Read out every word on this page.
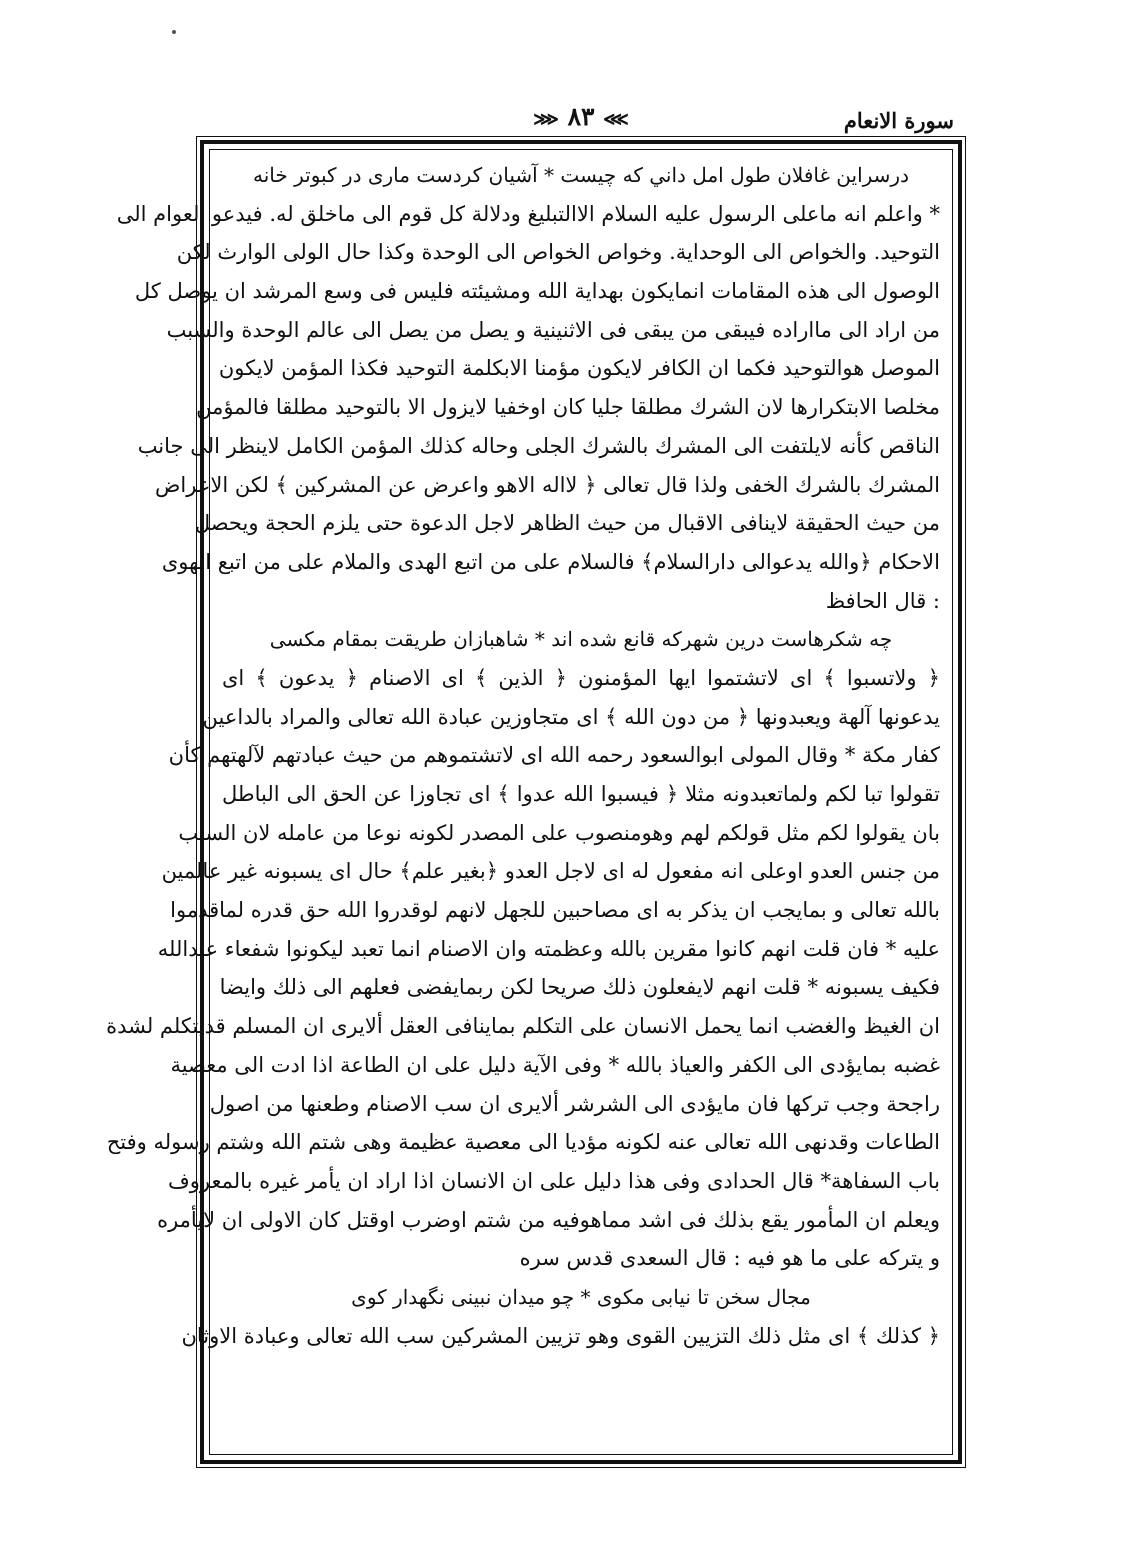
سورة الانعام
⋙ ٨٣ ⋘
درسراين غافلان طول امل داني كه چيست * آشيان كردست مارى در كبوتر خانه
* واعلم انه ماعلى الرسول عليه السلام الاالتبليغ ودلالة كل قوم الى ماخلق له. فيدعو العوام الى
التوحيد. والخواص الى الوحداية. وخواص الخواص الى الوحدة وكذا حال الولى الوارث لكن
الوصول الى هذه المقامات انمايكون بهداية الله ومشيئته فليس فى وسع المرشد ان يوصل كل
من اراد الى مااراده فيبقى من يبقى فى الاثنينية و يصل من يصل الى عالم الوحدة والسبب
الموصل هوالتوحيد فكما ان الكافر لايكون مؤمنا الابكلمة التوحيد فكذا المؤمن لايكون
مخلصا الابتكرارها لان الشرك مطلقا جليا كان اوخفيا لايزول الا بالتوحيد مطلقا فالمؤمن
الناقص كأنه لايلتفت الى المشرك بالشرك الجلى وحاله كذلك المؤمن الكامل لاينظر الى جانب
المشرك بالشرك الخفى ولذا قال تعالى ﴿ لااله الاهو واعرض عن المشركين ﴾ لكن الاعراض
من حيث الحقيقة لاينافى الاقبال من حيث الظاهر لاجل الدعوة حتى يلزم الحجة ويحصل
الاحكام ﴿والله يدعوالى دارالسلام﴾ فالسلام على من اتبع الهدى والملام على من اتبع الهوى
: قال الحافظ
چه شكرهاست درين شهركه قانع شده اند * شاهبازان طريقت بمقام مكسى
﴿ ولاتسبوا ﴾ اى لاتشتموا ايها المؤمنون ﴿ الذين ﴾ اى الاصنام ﴿ يدعون ﴾ اى
يدعونها آلهة ويعبدونها ﴿ من دون الله ﴾ اى متجاوزين عبادة الله تعالى والمراد بالداعين
كفار مكة * وقال المولى ابوالسعود رحمه الله اى لاتشتموهم من حيث عبادتهم لآلهتهم كأن
تقولوا تبا لكم ولماتعبدونه مثلا ﴿ فيسبوا الله عدوا ﴾ اى تجاوزا عن الحق الى الباطل
بان يقولوا لكم مثل قولكم لهم وهومنصوب على المصدر لكونه نوعا من عامله لان السبب
من جنس العدو اوعلى انه مفعول له اى لاجل العدو ﴿بغير علم﴾ حال اى يسبونه غير عالمين
بالله تعالى و بمايجب ان يذكر به اى مصاحبين للجهل لانهم لوقدروا الله حق قدره لماقدموا
عليه * فان قلت انهم كانوا مقرين بالله وعظمته وان الاصنام انما تعبد ليكونوا شفعاء عندالله
فكيف يسبونه * قلت انهم لايفعلون ذلك صريحا لكن ربمايفضى فعلهم الى ذلك وايضا
ان الغيظ والغضب انما يحمل الانسان على التكلم بماينافى العقل ألايرى ان المسلم قديتكلم لشدة
غضبه بمايؤدى الى الكفر والعياذ بالله * وفى الآية دليل على ان الطاعة اذا ادت الى معصية
راجحة وجب تركها فان مايؤدى الى الشرشر ألايرى ان سب الاصنام وطعنها من اصول
الطاعات وقدنهى الله تعالى عنه لكونه مؤديا الى معصية عظيمة وهى شتم الله وشتم رسوله وفتح
باب السفاهة* قال الحدادى وفى هذا دليل على ان الانسان اذا اراد ان يأمر غيره بالمعروف
ويعلم ان المأمور يقع بذلك فى اشد مماهوفيه من شتم اوضرب اوقتل كان الاولى ان لايأمره
و يتركه على ما هو فيه : قال السعدى قدس سره
مجال سخن تا نيابى مكوى * چو ميدان نبينى نگهدار كوى
﴿ كذلك ﴾ اى مثل ذلك التزيين القوى وهو تزيين المشركين سب الله تعالى وعبادة الاوثان
